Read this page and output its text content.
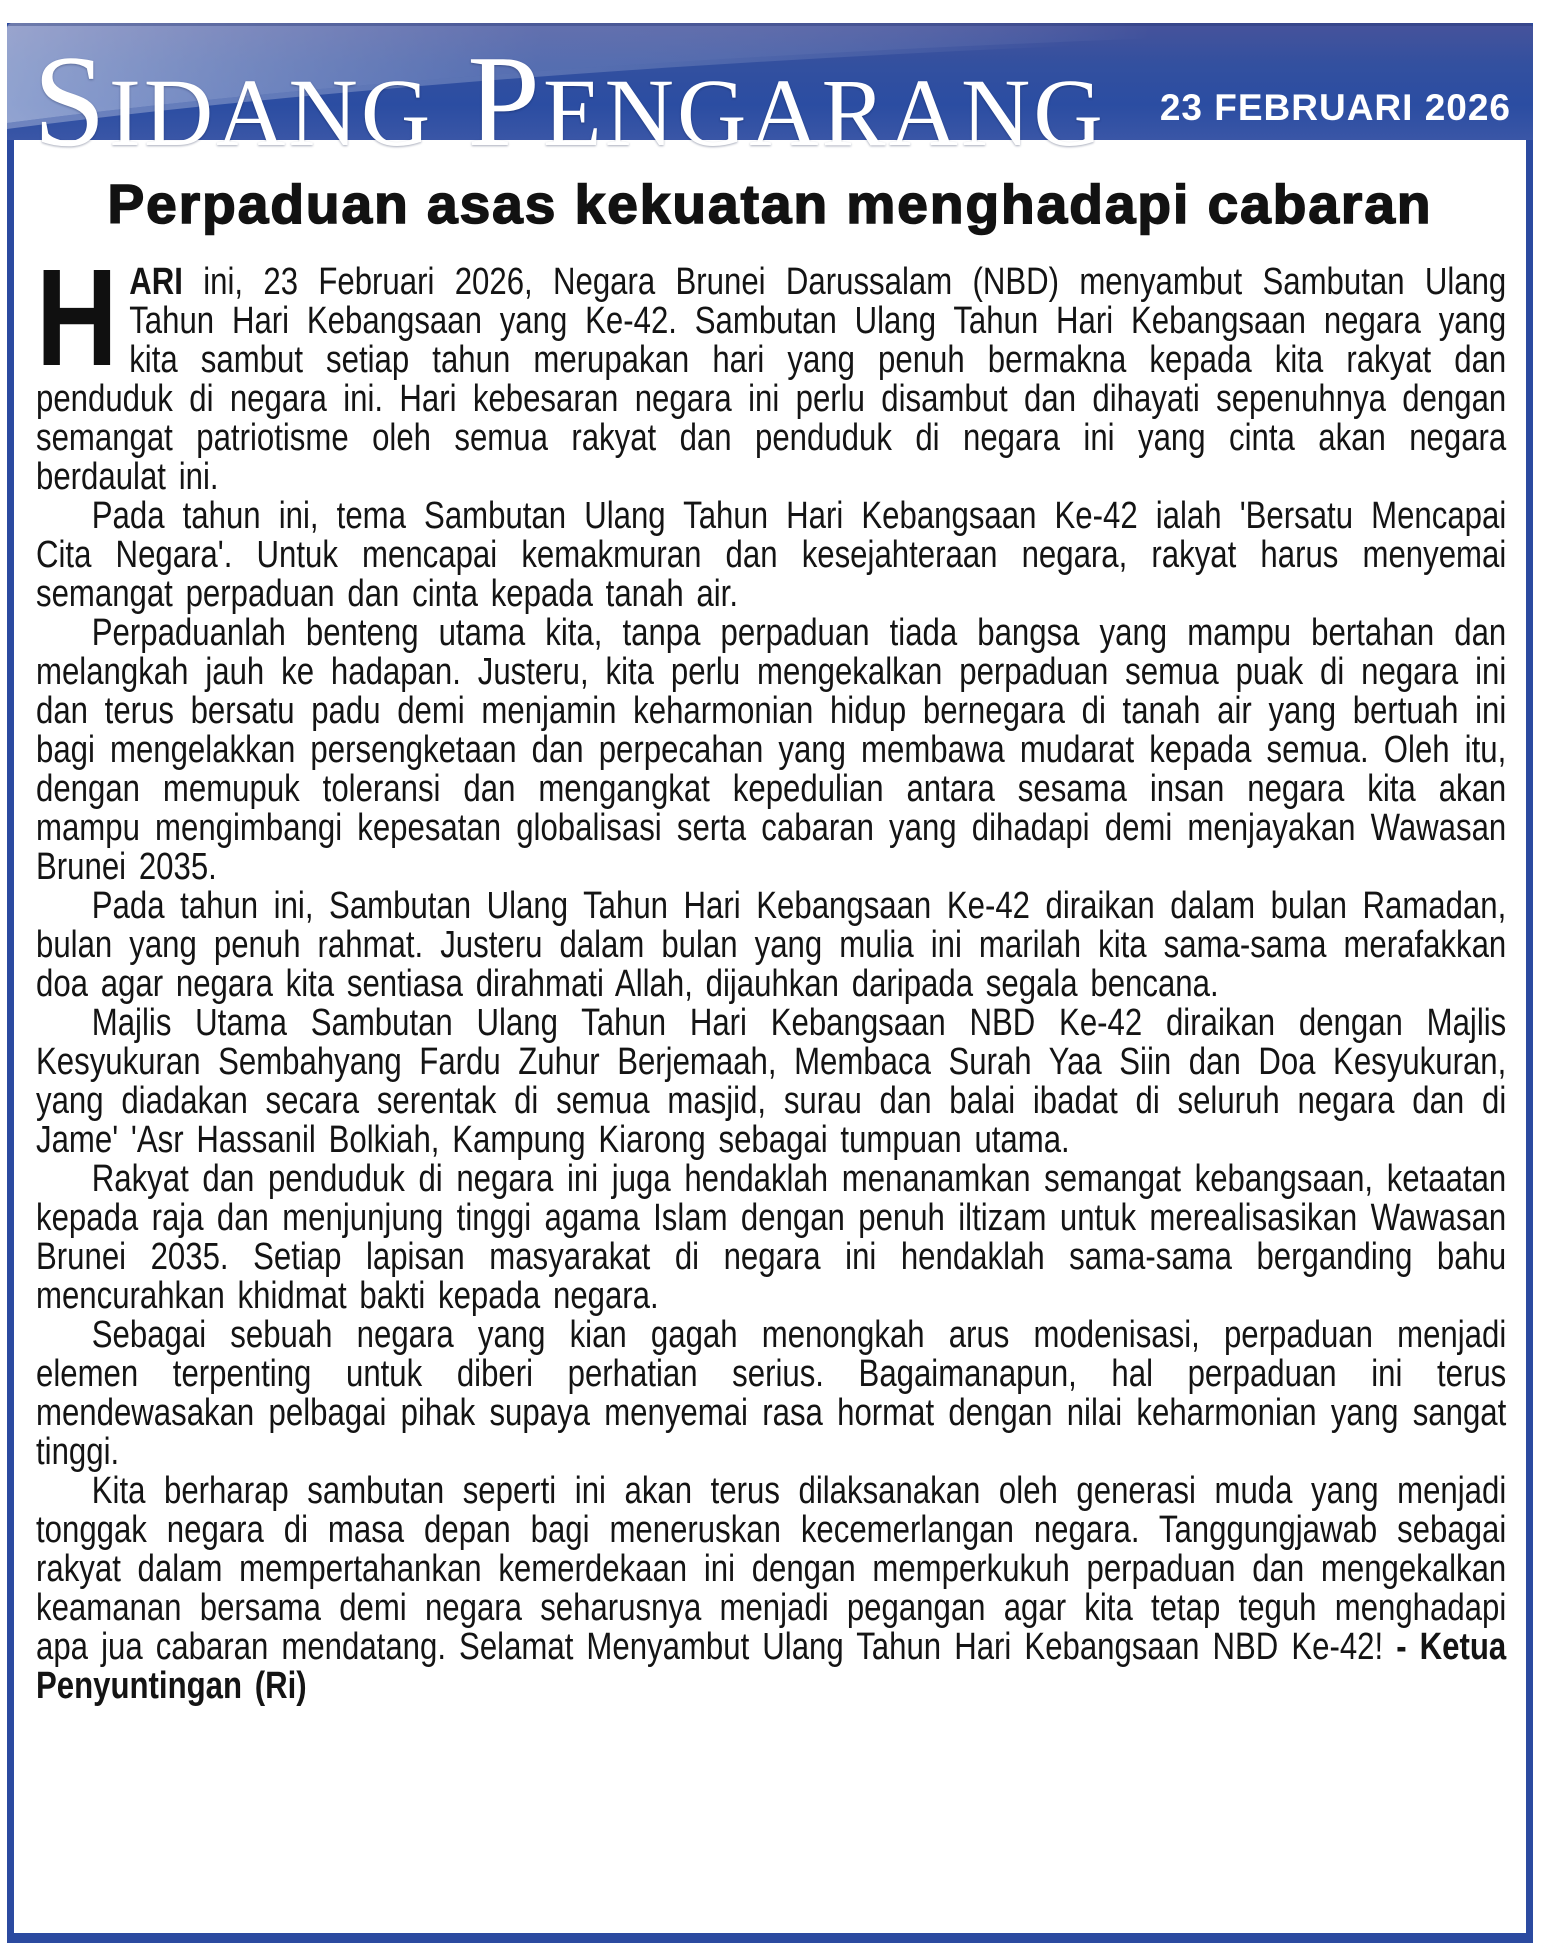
SIDANG PENGARANG 23 FEBRUARI 2026
Perpaduan asas kekuatan menghadapi cabaran

HARI ini, 23 Februari 2026, Negara Brunei Darussalam (NBD) menyambut Sambutan Ulang Tahun Hari Kebangsaan yang Ke-42. Sambutan Ulang Tahun Hari Kebangsaan negara yang kita sambut setiap tahun merupakan hari yang penuh bermakna kepada kita rakyat dan penduduk di negara ini. Hari kebesaran negara ini perlu disambut dan dihayati sepenuhnya dengan semangat patriotisme oleh semua rakyat dan penduduk di negara ini yang cinta akan negara berdaulat ini.

Pada tahun ini, tema Sambutan Ulang Tahun Hari Kebangsaan Ke-42 ialah 'Bersatu Mencapai Cita Negara'. Untuk mencapai kemakmuran dan kesejahteraan negara, rakyat harus menyemai semangat perpaduan dan cinta kepada tanah air.

Perpaduanlah benteng utama kita, tanpa perpaduan tiada bangsa yang mampu bertahan dan melangkah jauh ke hadapan. Justeru, kita perlu mengekalkan perpaduan semua puak di negara ini dan terus bersatu padu demi menjamin keharmonian hidup bernegara di tanah air yang bertuah ini bagi mengelakkan persengketaan dan perpecahan yang membawa mudarat kepada semua. Oleh itu, dengan memupuk toleransi dan mengangkat kepedulian antara sesama insan negara kita akan mampu mengimbangi kepesatan globalisasi serta cabaran yang dihadapi demi menjayakan Wawasan Brunei 2035.

Pada tahun ini, Sambutan Ulang Tahun Hari Kebangsaan Ke-42 diraikan dalam bulan Ramadan, bulan yang penuh rahmat. Justeru dalam bulan yang mulia ini marilah kita sama-sama merafakkan doa agar negara kita sentiasa dirahmati Allah, dijauhkan daripada segala bencana.

Majlis Utama Sambutan Ulang Tahun Hari Kebangsaan NBD Ke-42 diraikan dengan Majlis Kesyukuran Sembahyang Fardu Zuhur Berjemaah, Membaca Surah Yaa Siin dan Doa Kesyukuran, yang diadakan secara serentak di semua masjid, surau dan balai ibadat di seluruh negara dan di Jame' 'Asr Hassanil Bolkiah, Kampung Kiarong sebagai tumpuan utama.

Rakyat dan penduduk di negara ini juga hendaklah menanamkan semangat kebangsaan, ketaatan kepada raja dan menjunjung tinggi agama Islam dengan penuh iltizam untuk merealisasikan Wawasan Brunei 2035. Setiap lapisan masyarakat di negara ini hendaklah sama-sama berganding bahu mencurahkan khidmat bakti kepada negara.

Sebagai sebuah negara yang kian gagah menongkah arus modenisasi, perpaduan menjadi elemen terpenting untuk diberi perhatian serius. Bagaimanapun, hal perpaduan ini terus mendewasakan pelbagai pihak supaya menyemai rasa hormat dengan nilai keharmonian yang sangat tinggi.

Kita berharap sambutan seperti ini akan terus dilaksanakan oleh generasi muda yang menjadi tonggak negara di masa depan bagi meneruskan kecemerlangan negara. Tanggungjawab sebagai rakyat dalam mempertahankan kemerdekaan ini dengan memperkukuh perpaduan dan mengekalkan keamanan bersama demi negara seharusnya menjadi pegangan agar kita tetap teguh menghadapi apa jua cabaran mendatang. Selamat Menyambut Ulang Tahun Hari Kebangsaan NBD Ke-42! - Ketua Penyuntingan (Ri)
